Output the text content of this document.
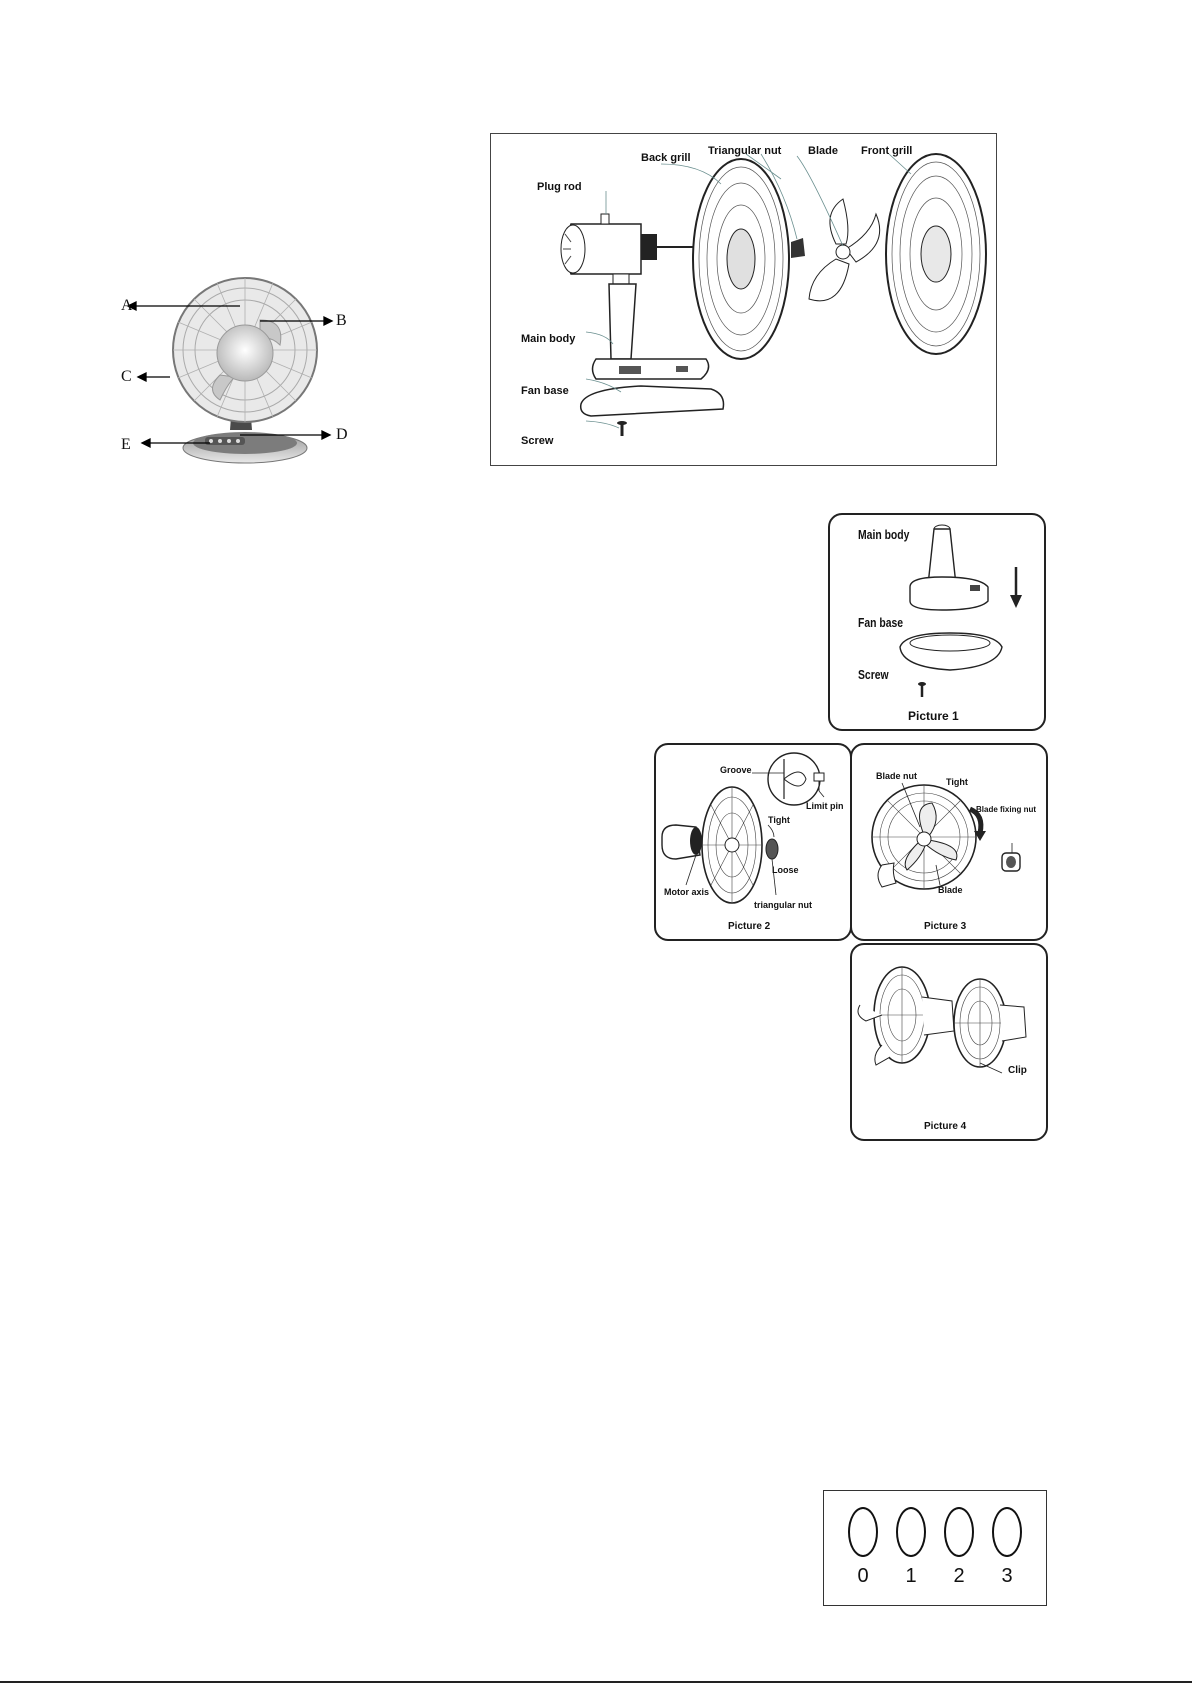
A
B
C
D
E
Back grill
Triangular nut Blade Front grill
Plug rod
Main body
Fan base
Screw
Main body
Fan base
Screw
Picture 1
Groove
Limit pin
Tight
Loose
Motor axis
triangular nut
Picture 2
Blade nut
Tight
Blade fixing nut
Blade
Picture 3
Clip
Picture 4
0	1	2	3
